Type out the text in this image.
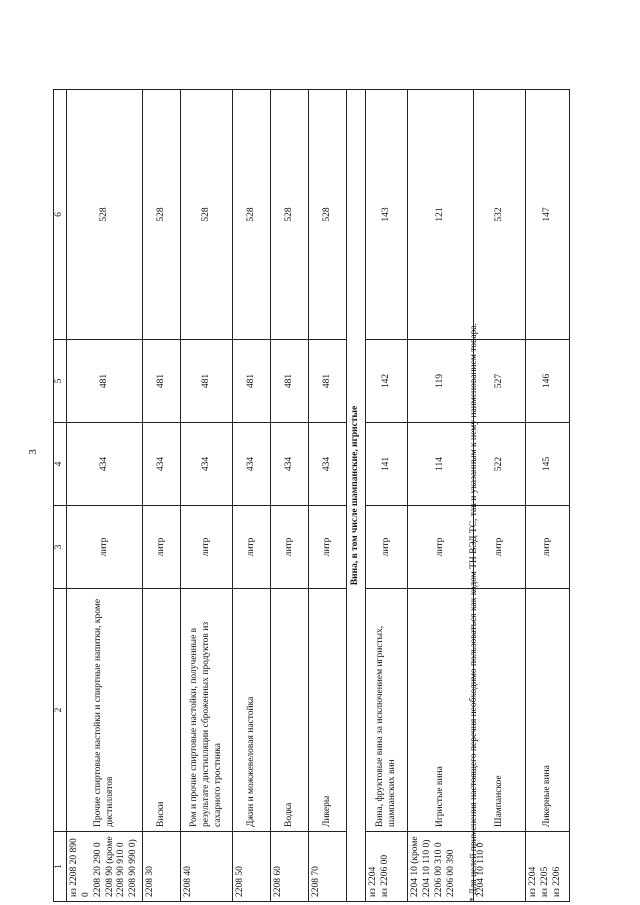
3
1	2	3	4	5	6

из 2208 20 890 0 2208 20 290 0 2208 90 (кроме 2208 90 910 0 2208 90 990 0)	Прочие спиртовые настойки и спиртные напитки, кроме дистиллятов	литр	434	481	528

2208 30	Виски	литр	434	481	528

2208 40	Ром и прочие спиртовые настойки, полученные в результате дистилляции сброженных продуктов из сахарного тростника	литр	434	481	528

2208 50	Джин и можжевеловая настойка	литр	434	481	528

2208 60	Водка	литр	434	481	528

2208 70	Ликеры	литр	434	481	528
Вина, в том числе шампанские, игристые					

из 2204 из 2206 00	Вина, фруктовые вина за исключением игристых, шампанских вин	литр	141	142	143

2204 10 (кроме 2204 10 110 0) 2206 00 310 0 2206 00 390	Игристые вина	литр	114	119	121

2204 10 110 0	Шампанское	литр	522	527	532

из 2204 из 2205 из 2206	Ликерные вина	литр	145	146	147
* Для целей применения настоящего перечня необходимо пользоваться как кодом ТН ВЭД ТС, так и указанным к нему наименованием товара.
